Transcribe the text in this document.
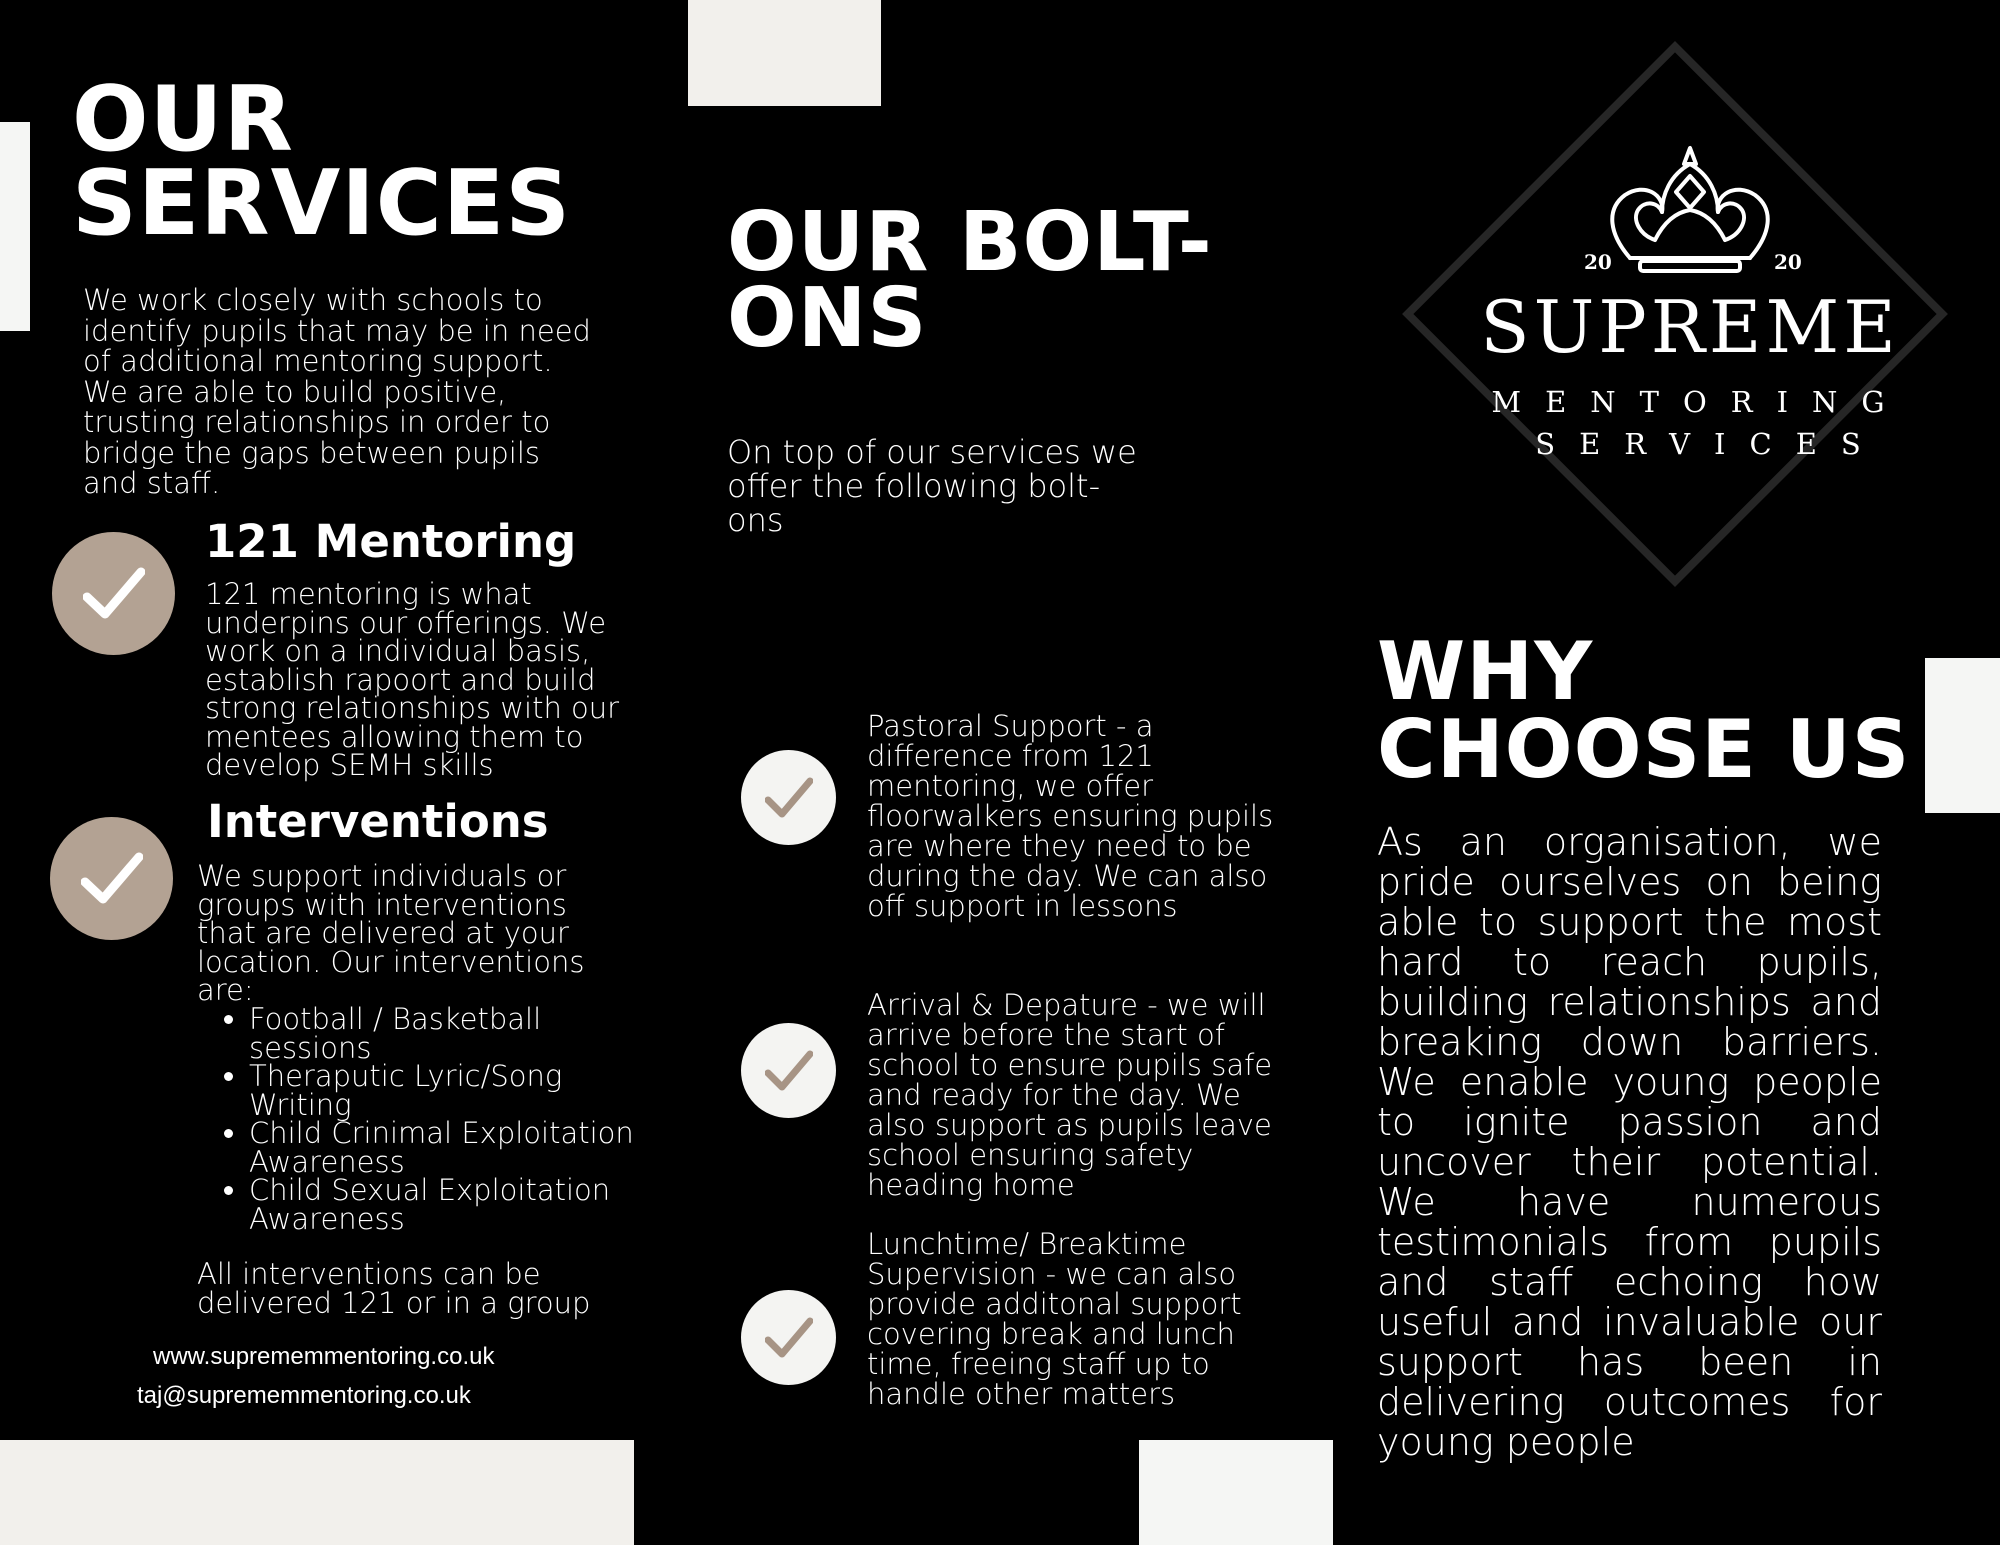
OUR
SERVICES

We work closely with schools to identify pupils that may be in need of additional mentoring support. We are able to build positive, trusting relationships in order to bridge the gaps between pupils and staff.

121 Mentoring

121 mentoring is what underpins our offerings. We work on a individual basis, establish rapoort and build strong relationships with our mentees allowing them to develop SEMH skills

Interventions

We support individuals or groups with interventions that are delivered at your location. Our interventions are:

• Football / Basketball sessions
• Theraputic Lyric/Song Writing
• Child Crinimal Exploitation Awareness
• Child Sexual Exploitation Awareness

All interventions can be delivered 121 or in a group

www.suprememmentoring.co.uk
taj@suprememmentoring.co.uk
OUR BOLT-
ONS

On top of our services we offer the following bolt-ons

Pastoral Support - a difference from 121 mentoring, we offer floorwalkers ensuring pupils are where they need to be during the day. We can also off support in lessons

Arrival & Depature - we will arrive before the start of school to ensure pupils safe and ready for the day. We also support as pupils leave school ensuring safety heading home

Lunchtime/ Breaktime Supervision - we can also provide additonal support covering break and lunch time, freeing staff up to handle other matters

20	20
SUPREME

MENTORING

SERVICES

WHY
CHOOSE US

As an organisation, we pride ourselves on being able to support the most hard to reach pupils, building relationships and breaking down barriers. We enable young people to ignite passion and uncover their potential. We have numerous testimonials from pupils and staff echoing how useful and invaluable our support has been in delivering outcomes for young people
